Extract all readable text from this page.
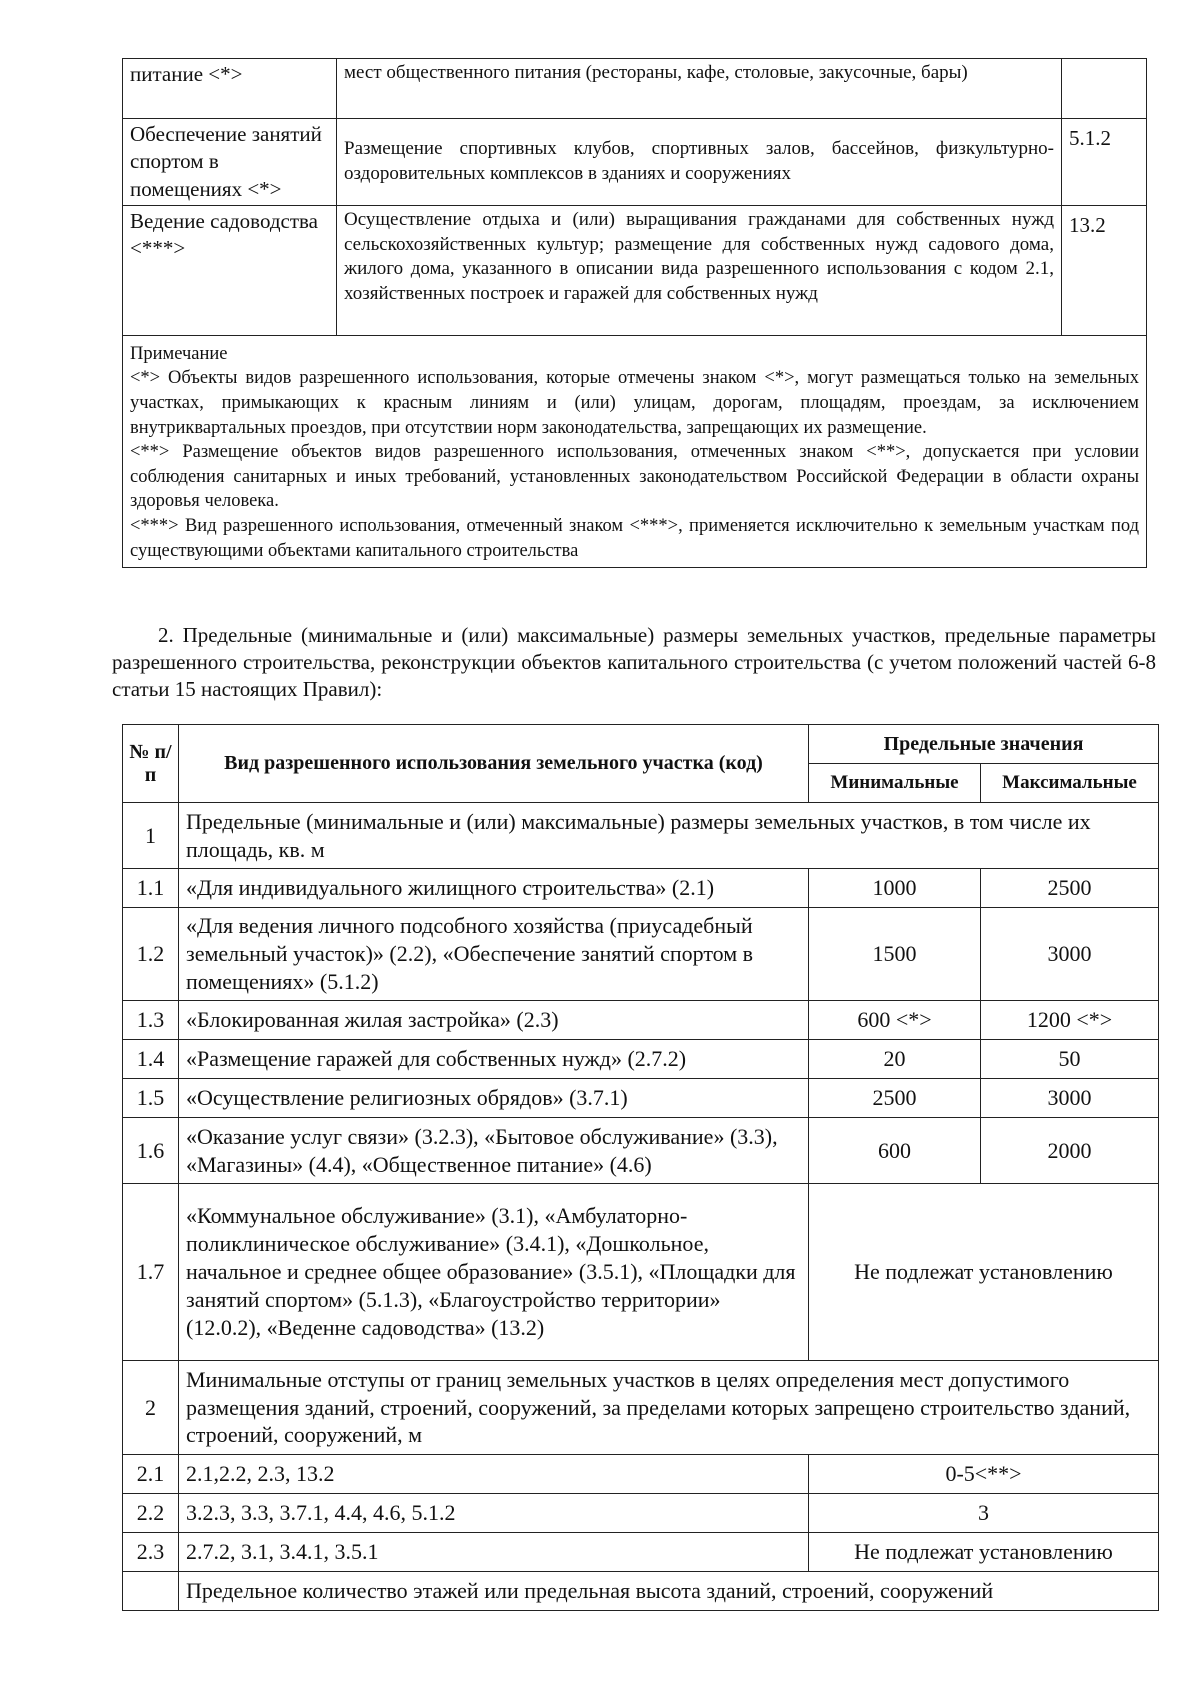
питание <*>	мест общественного питания (рестораны, кафе, столовые, закусочные, бары)	
Обеспечение занятий спортом в помещениях <*>	Размещение спортивных клубов, спортивных залов, бассейнов, физкультурно-оздоровительных комплексов в зданиях и сооружениях	5.1.2
Ведение садоводства <***>	Осуществление отдыха и (или) выращивания гражданами для собственных нужд сельскохозяйственных культур; размещение для собственных нужд садового дома, жилого дома, указанного в описании вида разрешенного использования с кодом 2.1, хозяйственных построек и гаражей для собственных нужд	13.2

Примечание

<*> Объекты видов разрешенного использования, которые отмечены знаком <*>, могут размещаться только на земельных участках, примыкающих к красным линиям и (или) улицам, дорогам, площадям, проездам, за исключением внутриквартальных проездов, при отсутствии норм законодательства, запрещающих их размещение.

<**> Размещение объектов видов разрешенного использования, отмеченных знаком <**>, допускается при условии соблюдения санитарных и иных требований, установленных законодательством Российской Федерации в области охраны здоровья человека.

<***> Вид разрешенного использования, отмеченный знаком <***>, применяется исключительно к земельным участкам под существующими объектами капитального строительства		

2. Предельные (минимальные и (или) максимальные) размеры земельных участков, предельные параметры разрешенного строительства, реконструкции объектов капитального строительства (с учетом положений частей 6-8 статьи 15 настоящих Правил):

№ п/п	Вид разрешенного использования земельного участка (код)	Предельные значения	
		Минимальные	Максимальные
1	Предельные (минимальные и (или) максимальные) размеры земельных участков, в том числе их площадь, кв. м		
1.1	«Для индивидуального жилищного строительства» (2.1)	1000	2500
1.2	«Для ведения личного подсобного хозяйства (приусадебный земельный участок)» (2.2), «Обеспечение занятий спортом в помещениях» (5.1.2)	1500	3000
1.3	«Блокированная жилая застройка» (2.3)	600 <*>	1200 <*>
1.4	«Размещение гаражей для собственных нужд» (2.7.2)	20	50
1.5	«Осуществление религиозных обрядов» (3.7.1)	2500	3000
1.6	«Оказание услуг связи» (3.2.3), «Бытовое обслуживание» (3.3), «Магазины» (4.4), «Общественное питание» (4.6)	600	2000
1.7	«Коммунальное обслуживание» (3.1), «Амбулаторно-поликлиническое обслуживание» (3.4.1), «Дошкольное, начальное и среднее общее образование» (3.5.1), «Площадки для занятий спортом» (5.1.3), «Благоустройство территории» (12.0.2), «Веденне садоводства» (13.2)	Не подлежат установлению	
2	Минимальные отступы от границ земельных участков в целях определения мест допустимого размещения зданий, строений, сооружений, за пределами которых запрещено строительство зданий, строений, сооружений, м		
2.1	2.1,2.2, 2.3, 13.2	0-5<**>	
2.2	3.2.3, 3.3, 3.7.1, 4.4, 4.6, 5.1.2	3	
2.3	2.7.2, 3.1, 3.4.1, 3.5.1	Не подлежат установлению	
	Предельное количество этажей или предельная высота зданий, строений, сооружений		
